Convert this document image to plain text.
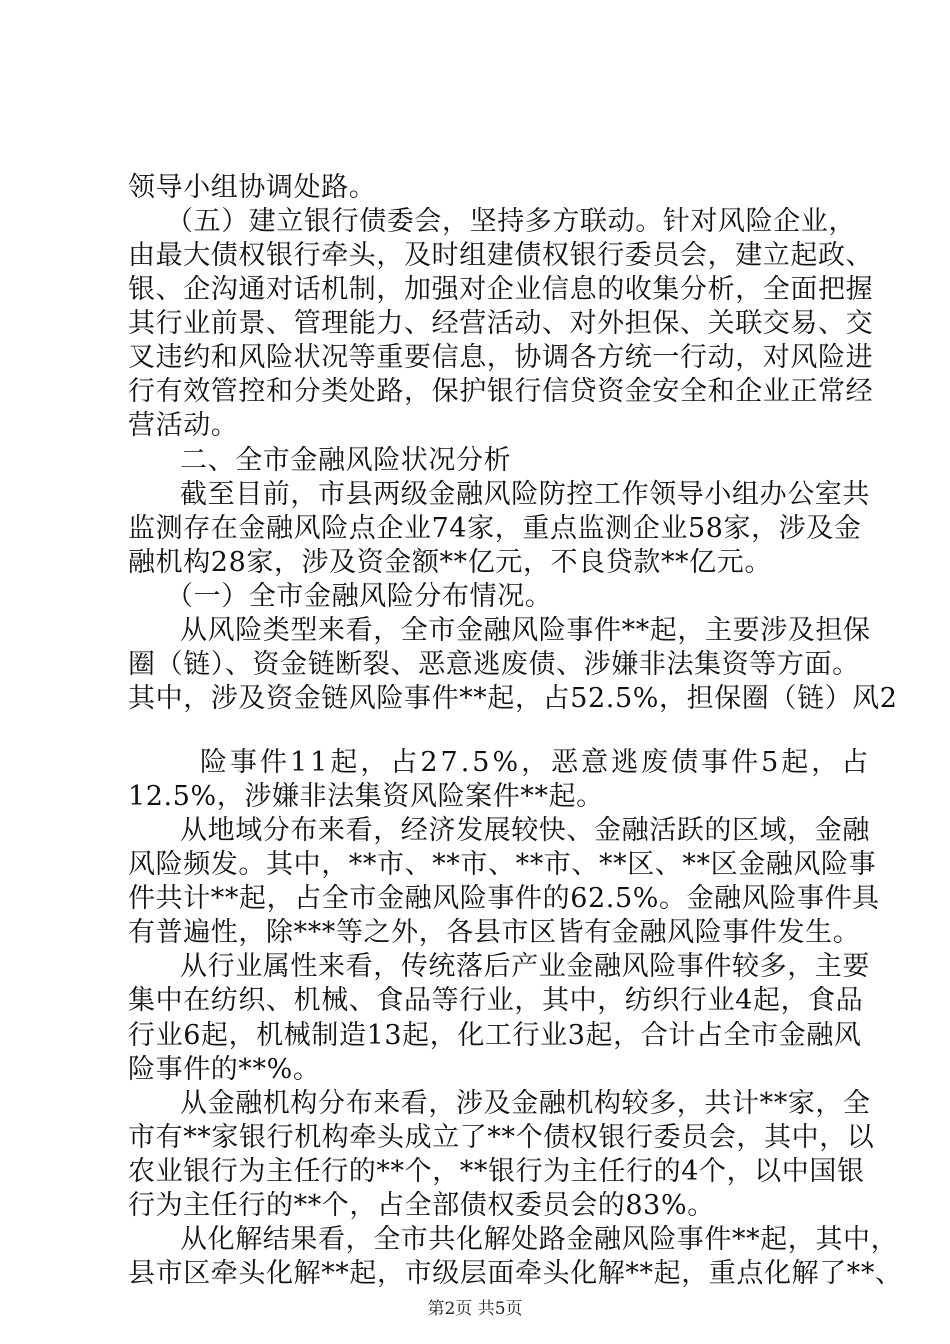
领导小组协调处路。
（五）建立银行债委会，坚持多方联动。针对风险企业，
由最大债权银行牵头，及时组建债权银行委员会，建立起政、
银、企沟通对话机制，加强对企业信息的收集分析，全面把握
其行业前景、管理能力、经营活动、对外担保、关联交易、交
叉违约和风险状况等重要信息，协调各方统一行动，对风险进
行有效管控和分类处路，保护银行信贷资金安全和企业正常经
营活动。
二、全市金融风险状况分析
截至目前，市县两级金融风险防控工作领导小组办公室共
监测存在金融风险点企业74家，重点监测企业58家，涉及金
融机构28家，涉及资金额**亿元，不良贷款**亿元。
（一）全市金融风险分布情况。
从风险类型来看，全市金融风险事件**起，主要涉及担保
圈（链）、资金链断裂、恶意逃废债、涉嫌非法集资等方面。
其中，涉及资金链风险事件**起，占52.5%，担保圈（链）风2
险事件11起，占27.5%，恶意逃废债事件5起，占
12.5%，涉嫌非法集资风险案件**起。
从地域分布来看，经济发展较快、金融活跃的区域，金融
风险频发。其中，**市、**市、**市、**区、**区金融风险事
件共计**起，占全市金融风险事件的62.5%。金融风险事件具
有普遍性，除***等之外，各县市区皆有金融风险事件发生。
从行业属性来看，传统落后产业金融风险事件较多，主要
集中在纺织、机械、食品等行业，其中，纺织行业4起，食品
行业6起，机械制造13起，化工行业3起，合计占全市金融风
险事件的**%。
从金融机构分布来看，涉及金融机构较多，共计**家，全
市有**家银行机构牵头成立了**个债权银行委员会，其中，以
农业银行为主任行的**个，**银行为主任行的4个，以中国银
行为主任行的**个，占全部债权委员会的83%。
从化解结果看，全市共化解处路金融风险事件**起，其中，
县市区牵头化解**起，市级层面牵头化解**起，重点化解了**、
第2页 共5页
